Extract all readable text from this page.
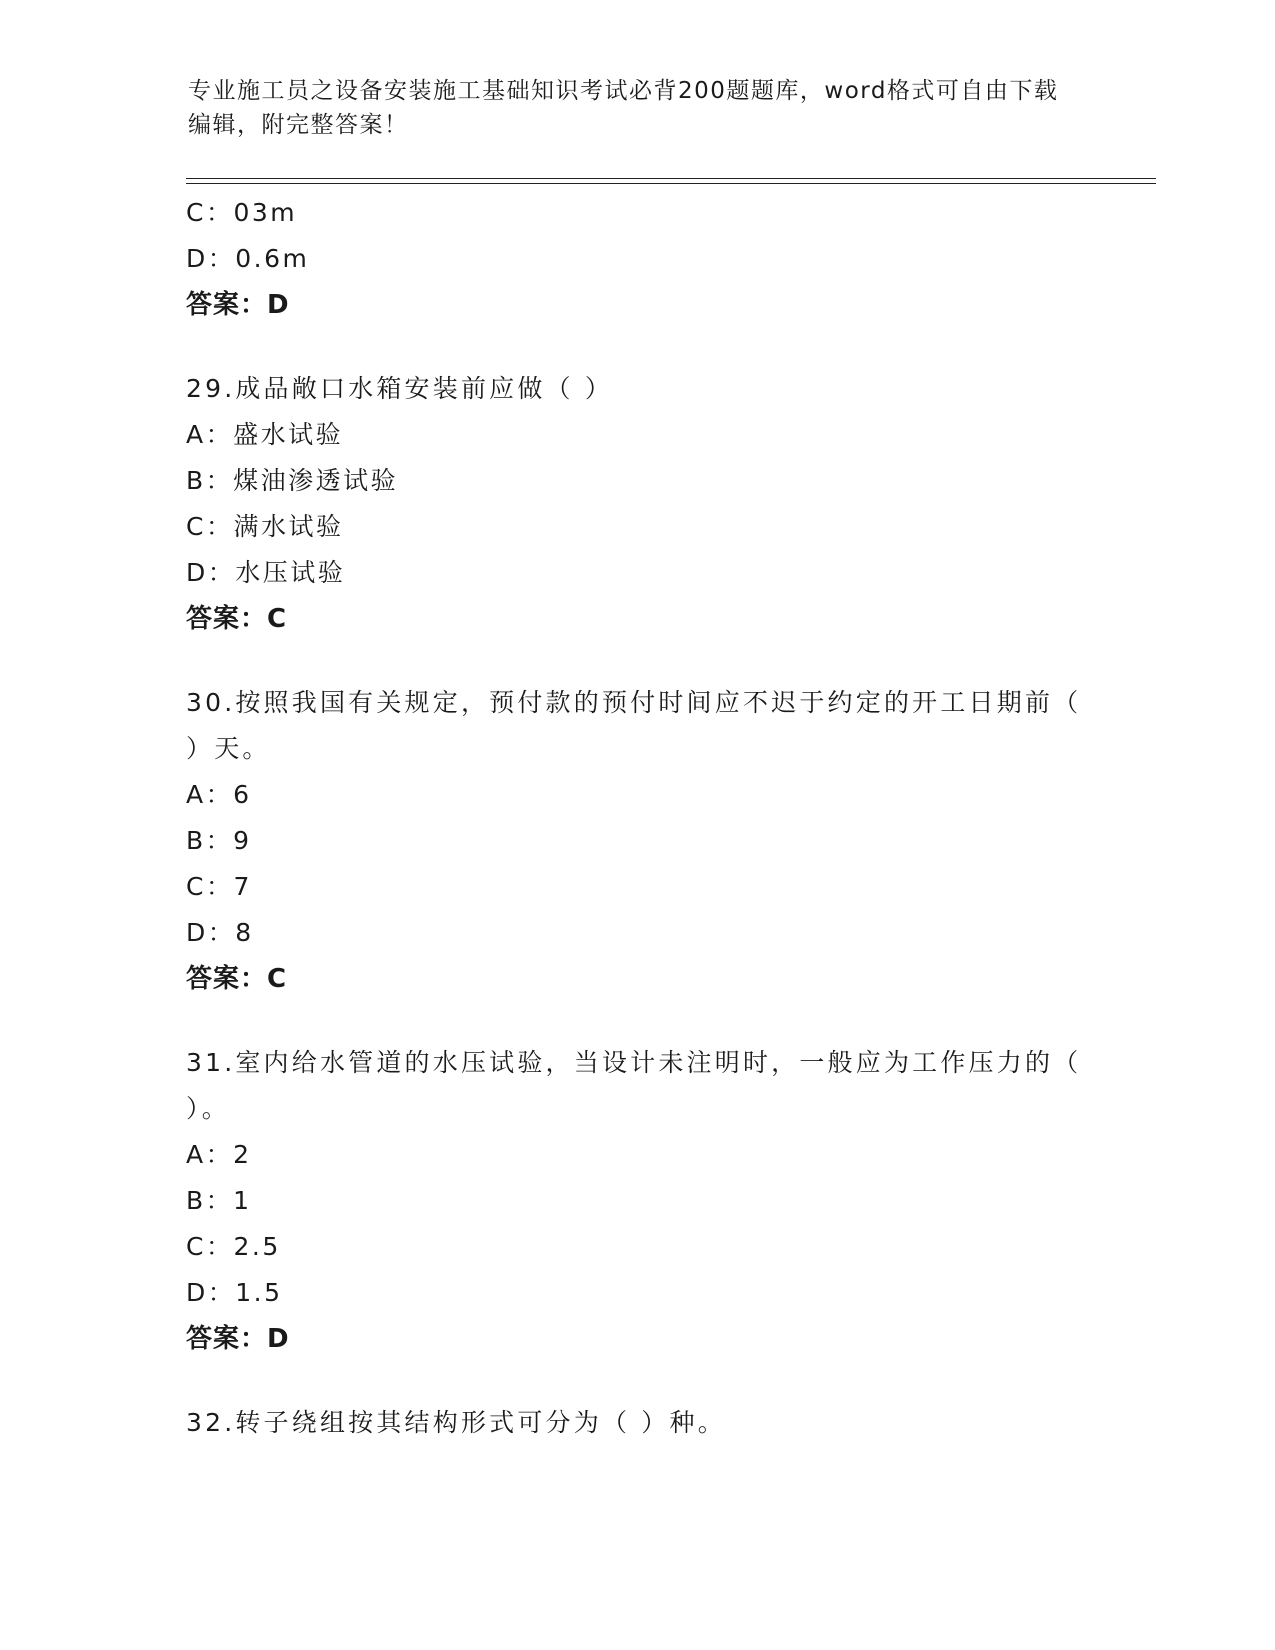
专业施工员之设备安装施工基础知识考试必背200题题库，word格式可自由下载编辑，附完整答案！
C：03m
D：0.6m
答案：D
29.成品敞口水箱安装前应做（ ）
A：盛水试验
B：煤油渗透试验
C：满水试验
D：水压试验
答案：C
30.按照我国有关规定，预付款的预付时间应不迟于约定的开工日期前（ ）天。
A：6
B：9
C：7
D：8
答案：C
31.室内给水管道的水压试验，当设计未注明时，一般应为工作压力的（ ）。
A：2
B：1
C：2.5
D：1.5
答案：D
32.转子绕组按其结构形式可分为（ ）种。
